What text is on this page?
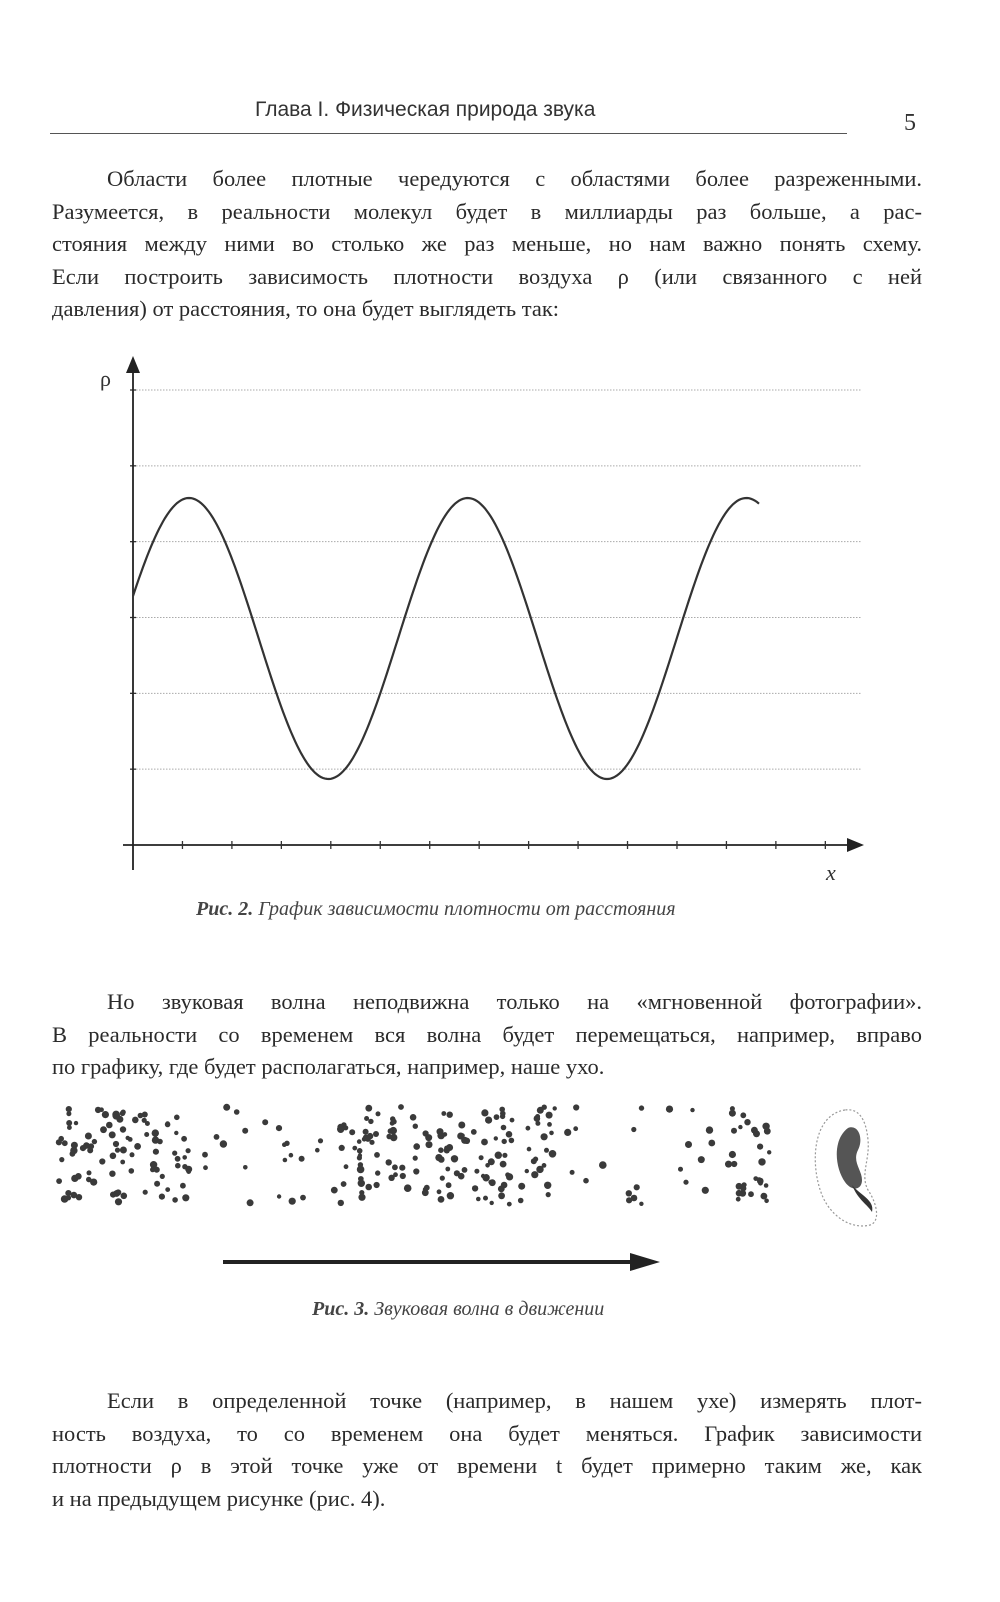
Глава I. Физическая природа звука
5
Области более плотные чередуются с областями более разреженными.
Разумеется, в реальности молекул будет в миллиарды раз больше, а рас-
стояния между ними во столько же раз меньше, но нам важно понять схему.
Если построить зависимость плотности воздуха ρ (или связанного с ней
давления) от расстояния, то она будет выглядеть так:
ρ
x
Рис. 2. График зависимости плотности от расстояния
Но звуковая волна неподвижна только на «мгновенной фотографии».
В реальности со временем вся волна будет перемещаться, например, вправо
по графику, где будет располагаться, например, наше ухо.
Рис. 3. Звуковая волна в движении
Если в определенной точке (например, в нашем ухе) измерять плот-
ность воздуха, то со временем она будет меняться. График зависимости
плотности ρ в этой точке уже от времени t будет примерно таким же, как
и на предыдущем рисунке (рис. 4).
